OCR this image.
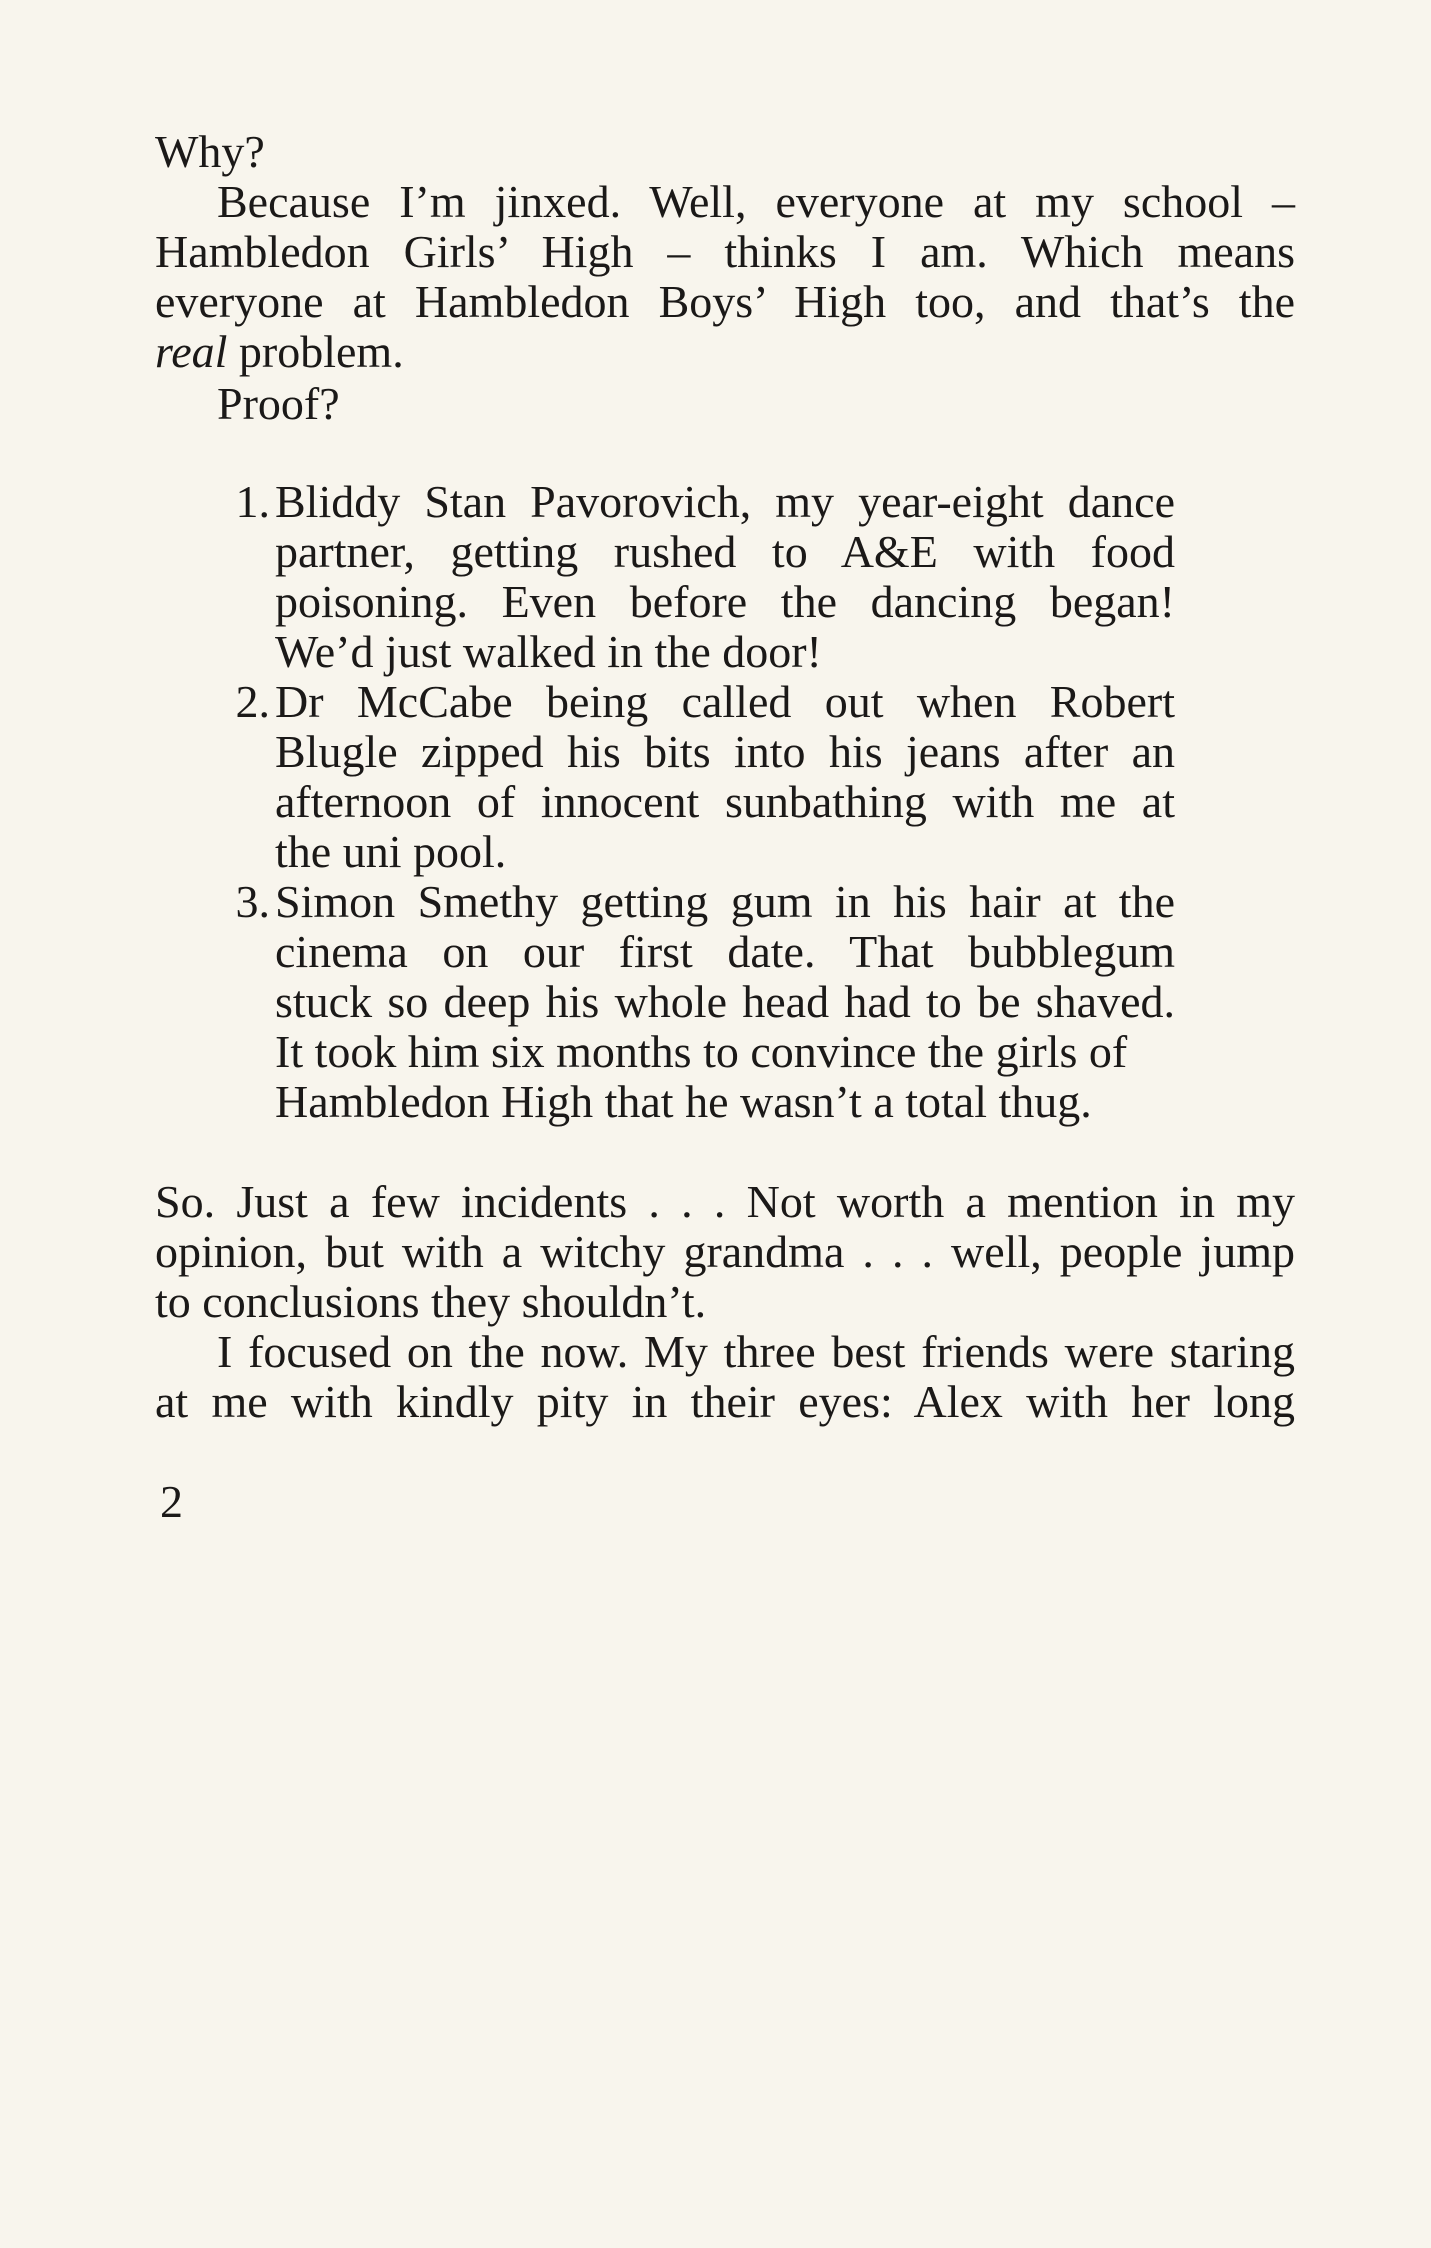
Why?
Because I’m jinxed. Well, everyone at my school –
Hambledon Girls’ High – thinks I am. Which means
everyone at Hambledon Boys’ High too, and that’s the
real problem.
Proof?
1. Bliddy Stan Pavorovich, my year-eight dance
partner, getting rushed to A&E with food
poisoning. Even before the dancing began!
We’d just walked in the door!
2. Dr McCabe being called out when Robert
Blugle zipped his bits into his jeans after an
afternoon of innocent sunbathing with me at
the uni pool.
3. Simon Smethy getting gum in his hair at the
cinema on our first date. That bubblegum
stuck so deep his whole head had to be shaved.
It took him six months to convince the girls of
Hambledon High that he wasn’t a total thug.
So. Just a few incidents . . . Not worth a mention in my
opinion, but with a witchy grandma . . . well, people jump
to conclusions they shouldn’t.
I focused on the now. My three best friends were staring
at me with kindly pity in their eyes: Alex with her long
2
